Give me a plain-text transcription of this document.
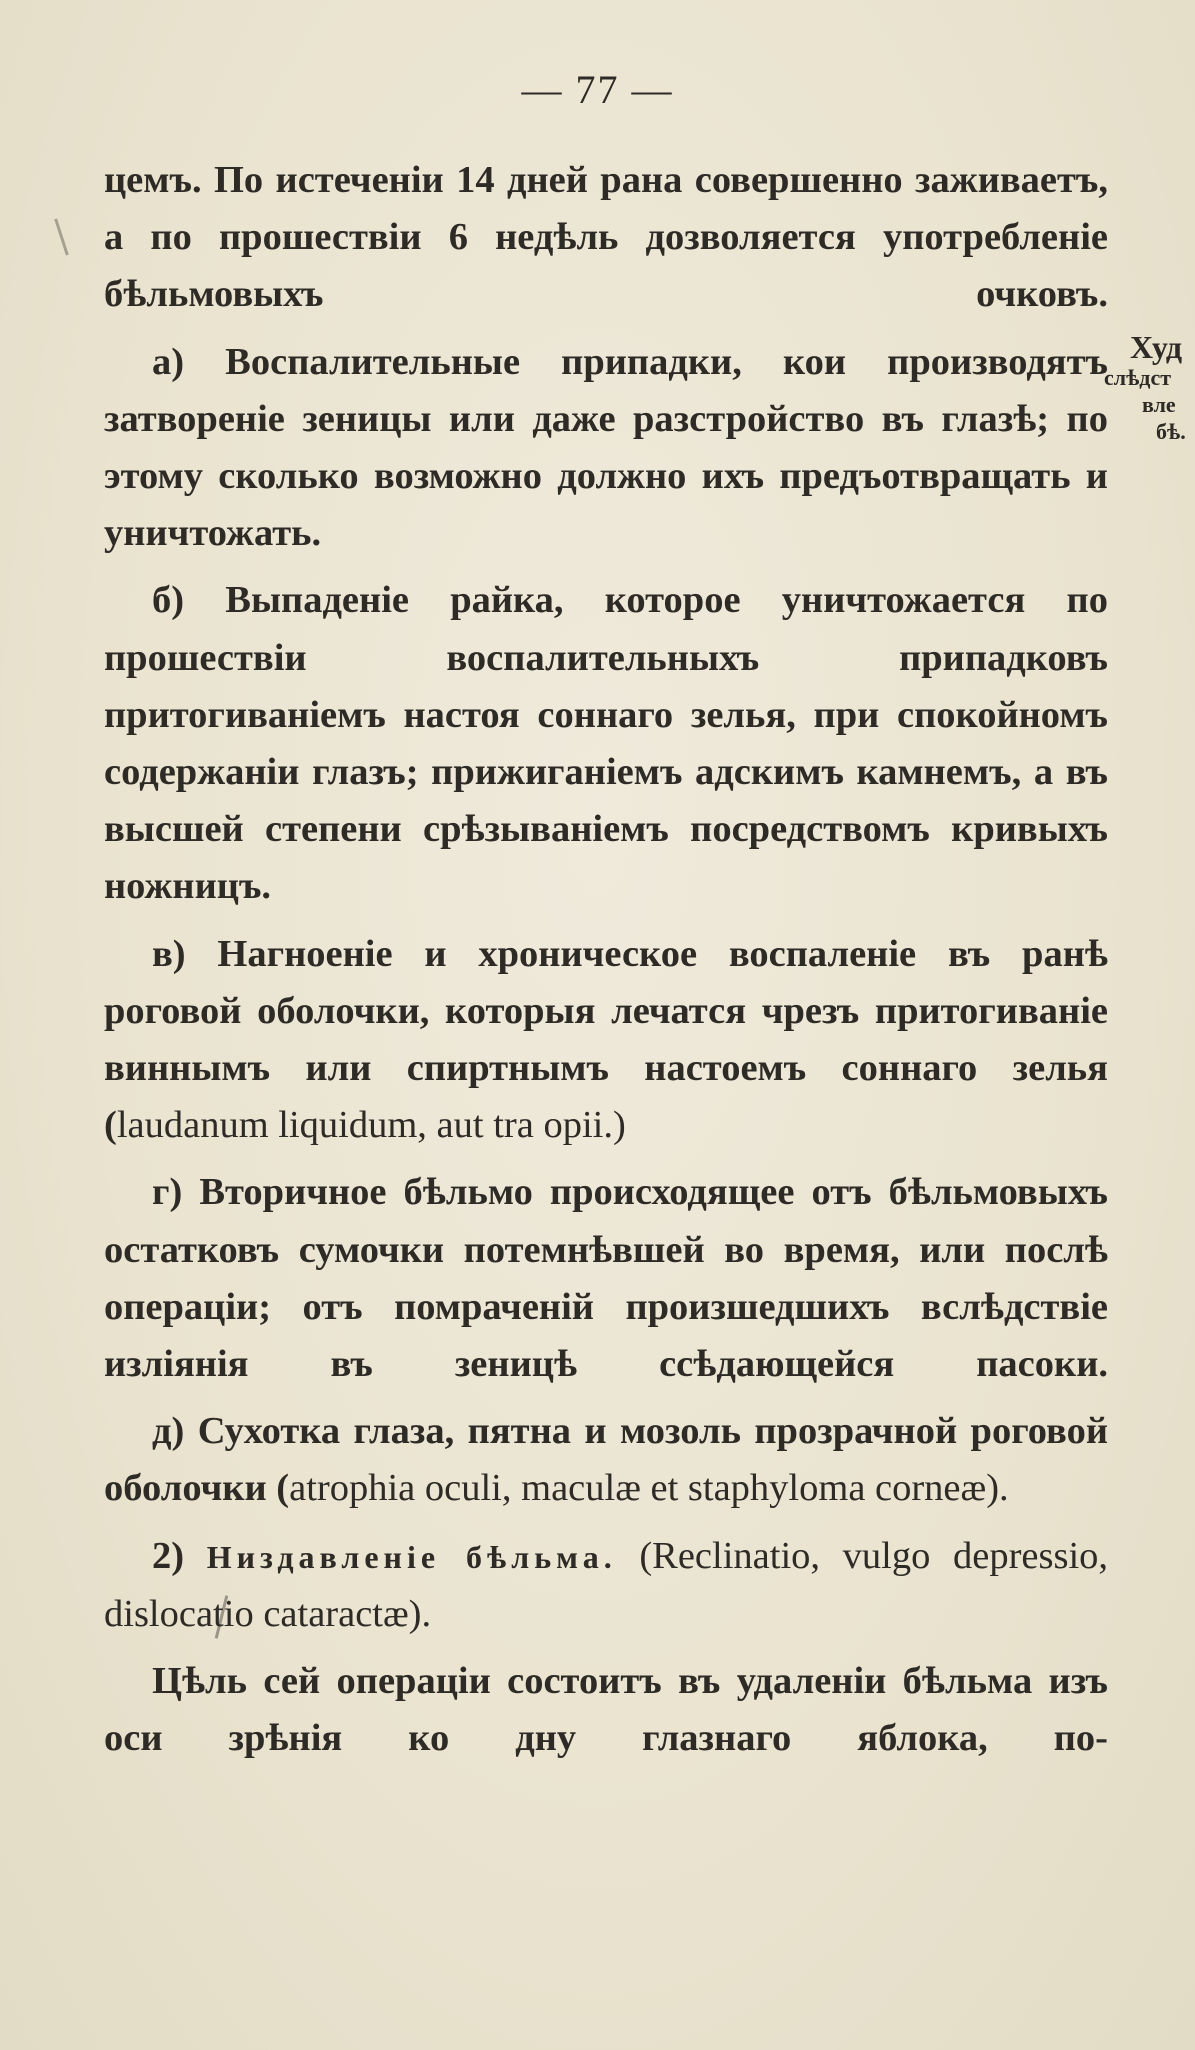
— 77 —

цемъ. По истеченіи 14 дней рана совершенно заживаетъ, а по прошествіи 6 недѣль дозволяется употребленіе бѣльмовыхъ очковъ.

а) Воспалительные припадки, кои производятъ затвореніе зеницы или даже разстройство въ глазѣ; по этому сколько возможно должно ихъ предъотвращать и уничтожать.

б) Выпаденіе райка, которое уничтожается по прошествіи воспалительныхъ припадковъ притогиваніемъ настоя соннаго зелья, при спокойномъ содержаніи глазъ; прижиганіемъ адскимъ камнемъ, а въ высшей степени срѣзываніемъ посредствомъ кривыхъ ножницъ.

в) Нагноеніе и хроническое воспаленіе въ ранѣ роговой оболочки, которыя лечатся чрезъ притогиваніе виннымъ или спиртнымъ настоемъ соннаго зелья (laudanum liquidum, aut tra opii.)

г) Вторичное бѣльмо происходящее отъ бѣльмовыхъ остатковъ сумочки потемнѣвшей во время, или послѣ операціи; отъ помраченій произшедшихъ вслѣдствіе изліянія въ зеницѣ ссѣдающейся пасоки.

д) Сухотка глаза, пятна и мозоль прозрачной роговой оболочки (atrophia oculi, maculæ et staphyloma corneæ).

2) Низдавленіе бѣльма. (Reclinatio, vulgo depressio, dislocatio cataractæ).

Цѣль сей операціи состоитъ въ удаленіи бѣльма изъ оси зрѣнія ко дну глазнаго яблока, по-

Худ
слѣдст
вле
бѣ.
